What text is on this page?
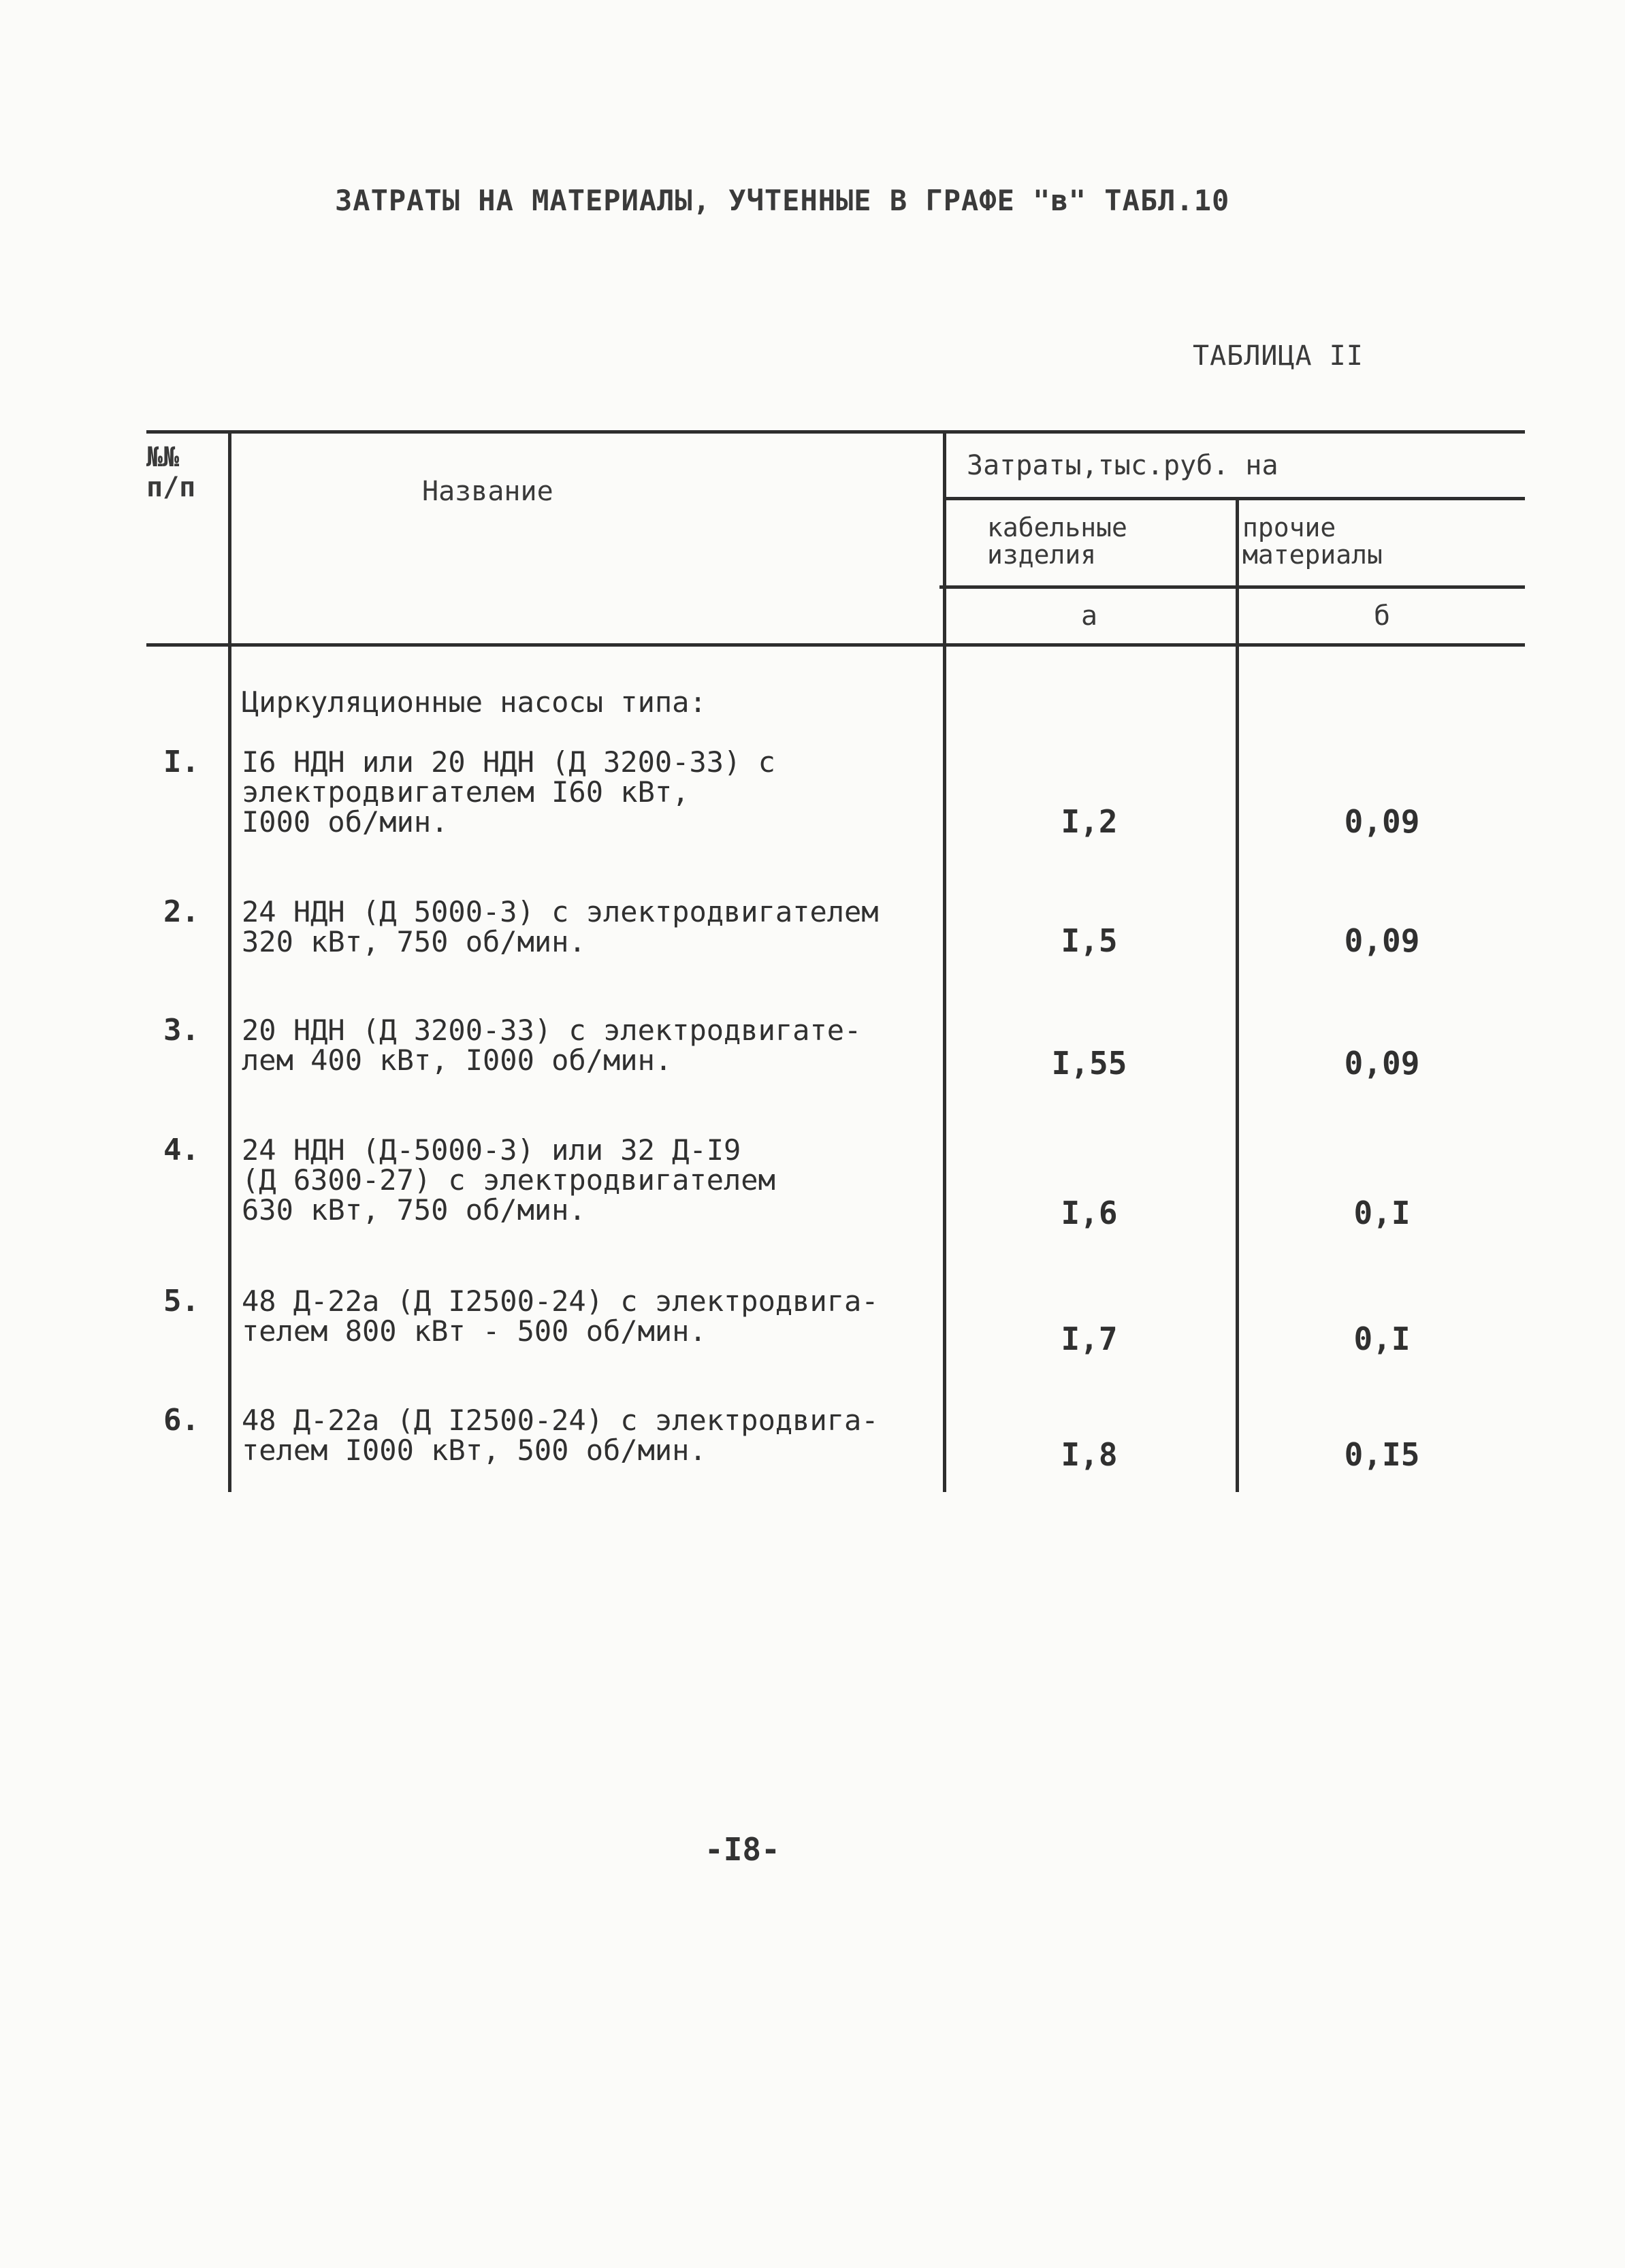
ЗАТРАТЫ НА МАТЕРИАЛЫ, УЧТЕННЫЕ В ГРАФЕ "в" ТАБЛ.10
ТАБЛИЦА II
№№
п/п	Название
Затраты,тыс.руб. на
кабельные
изделия
прочие
материалы
а	б
Циркуляционные насосы типа:
I. I6 НДН или 20 НДН (Д 3200-33) с
электродвигателем I60 кВт,
I000 об/мин.	I,2	0,09
2. 24 НДН (Д 5000-3) с электродвигателем
320 кВт, 750 об/мин.	I,5	0,09
3. 20 НДН (Д 3200-33) с электродвигате-
лем 400 кВт, I000 об/мин.	I,55	0,09
4. 24 НДН (Д-5000-3) или 32 Д-I9
(Д 6300-27) с электродвигателем
630 кВт, 750 об/мин.	I,6	0,I
5. 48 Д-22а (Д I2500-24) с электродвига-
телем 800 кВт - 500 об/мин.	I,7	0,I
6. 48 Д-22а (Д I2500-24) с электродвига-
телем I000 кВт, 500 об/мин.	I,8	0,I5
-I8-
